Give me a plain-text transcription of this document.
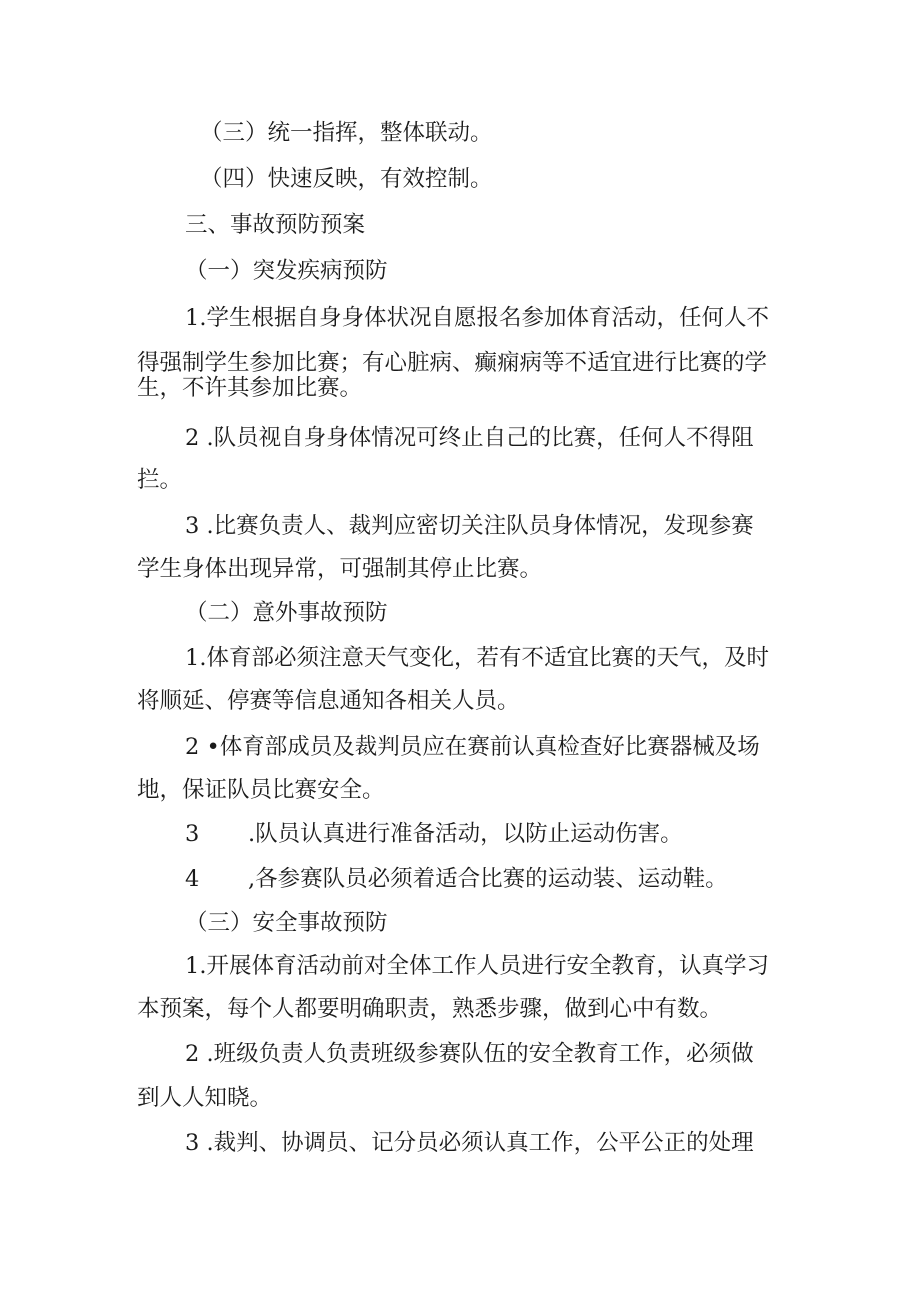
（三）统一指挥，整体联动。
（四）快速反映，有效控制。
三、事故预防预案
（一）突发疾病预防
1.学生根据自身身体状况自愿报名参加体育活动，任何人不
得强制学生参加比赛；有心脏病、癫痫病等不适宜进行比赛的学
生，不许其参加比赛。
2 .队员视自身身体情况可终止自己的比赛，任何人不得阻
拦。
3 .比赛负责人、裁判应密切关注队员身体情况，发现参赛
学生身体出现异常，可强制其停止比赛。
（二）意外事故预防
1.体育部必须注意天气变化，若有不适宜比赛的天气，及时
将顺延、停赛等信息通知各相关人员。
2 •体育部成员及裁判员应在赛前认真检查好比赛器械及场
地，保证队员比赛安全。
3 .队员认真进行准备活动，以防止运动伤害。
4 ,各参赛队员必须着适合比赛的运动装、运动鞋。
（三）安全事故预防
1.开展体育活动前对全体工作人员进行安全教育，认真学习
本预案，每个人都要明确职责，熟悉步骤，做到心中有数。
2 .班级负责人负责班级参赛队伍的安全教育工作，必须做
到人人知晓。
3 .裁判、协调员、记分员必须认真工作，公平公正的处理
